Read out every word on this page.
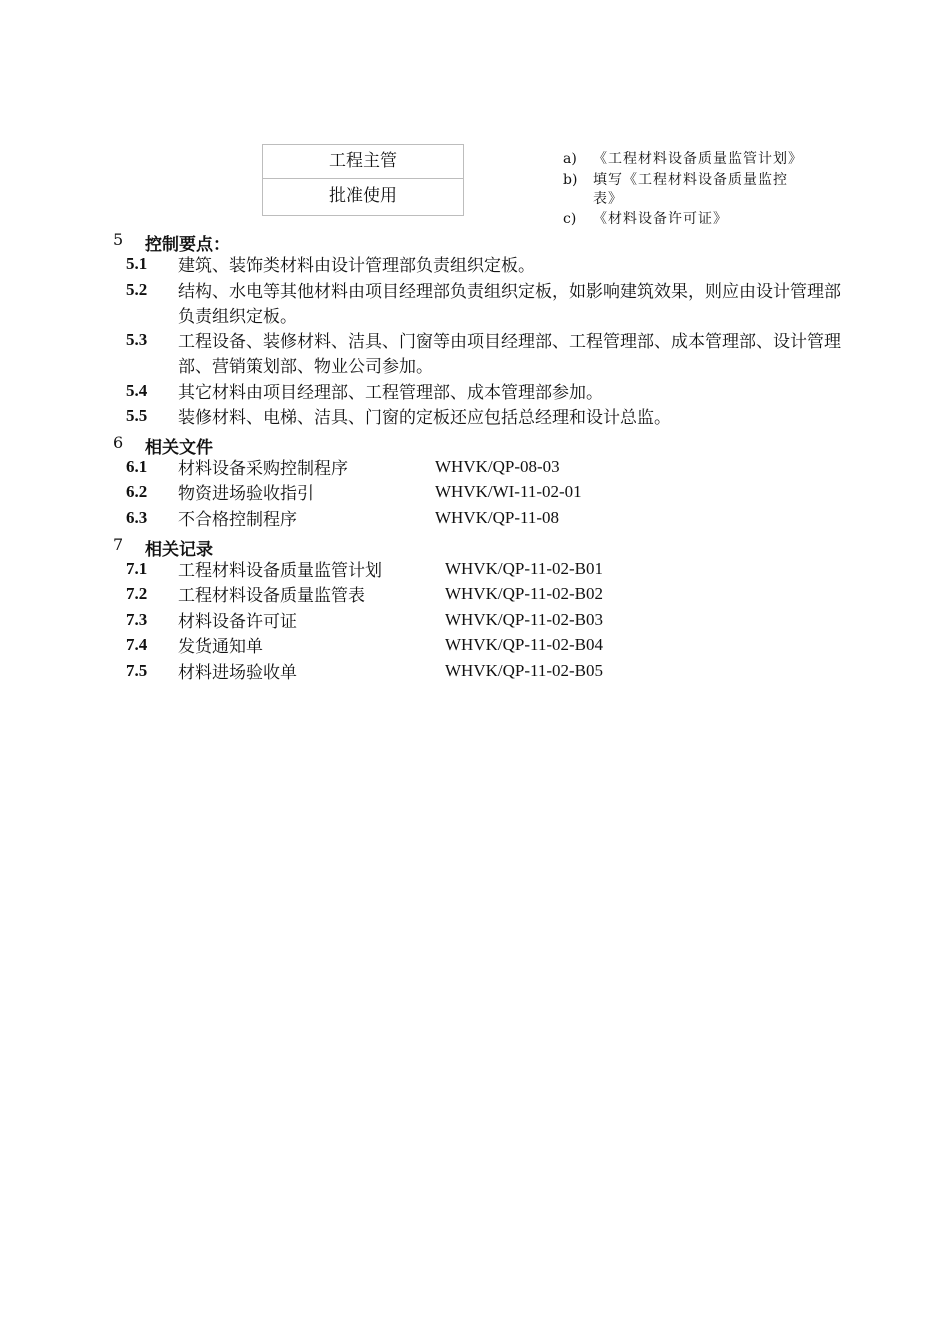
工程主管
批准使用
a) 《工程材料设备质量监管计划》
b) 填写《工程材料设备质量监控
表》
c) 《材料设备许可证》
5 控制要点：
5.1 建筑、装饰类材料由设计管理部负责组织定板。
5.2 结构、水电等其他材料由项目经理部负责组织定板，如影响建筑效果，则应由设计管理部负责组织定板。
5.3 工程设备、装修材料、洁具、门窗等由项目经理部、工程管理部、成本管理部、设计管理部、营销策划部、物业公司参加。
5.4 其它材料由项目经理部、工程管理部、成本管理部参加。
5.5 装修材料、电梯、洁具、门窗的定板还应包括总经理和设计总监。
6 相关文件
6.1 材料设备采购控制程序	WHVK/QP-08-03
6.2 物资进场验收指引	WHVK/WI-11-02-01
6.3 不合格控制程序	WHVK/QP-11-08
7 相关记录
7.1 工程材料设备质量监管计划	WHVK/QP-11-02-B01
7.2 工程材料设备质量监管表	WHVK/QP-11-02-B02
7.3 材料设备许可证	WHVK/QP-11-02-B03
7.4 发货通知单	WHVK/QP-11-02-B04
7.5 材料进场验收单	WHVK/QP-11-02-B05
